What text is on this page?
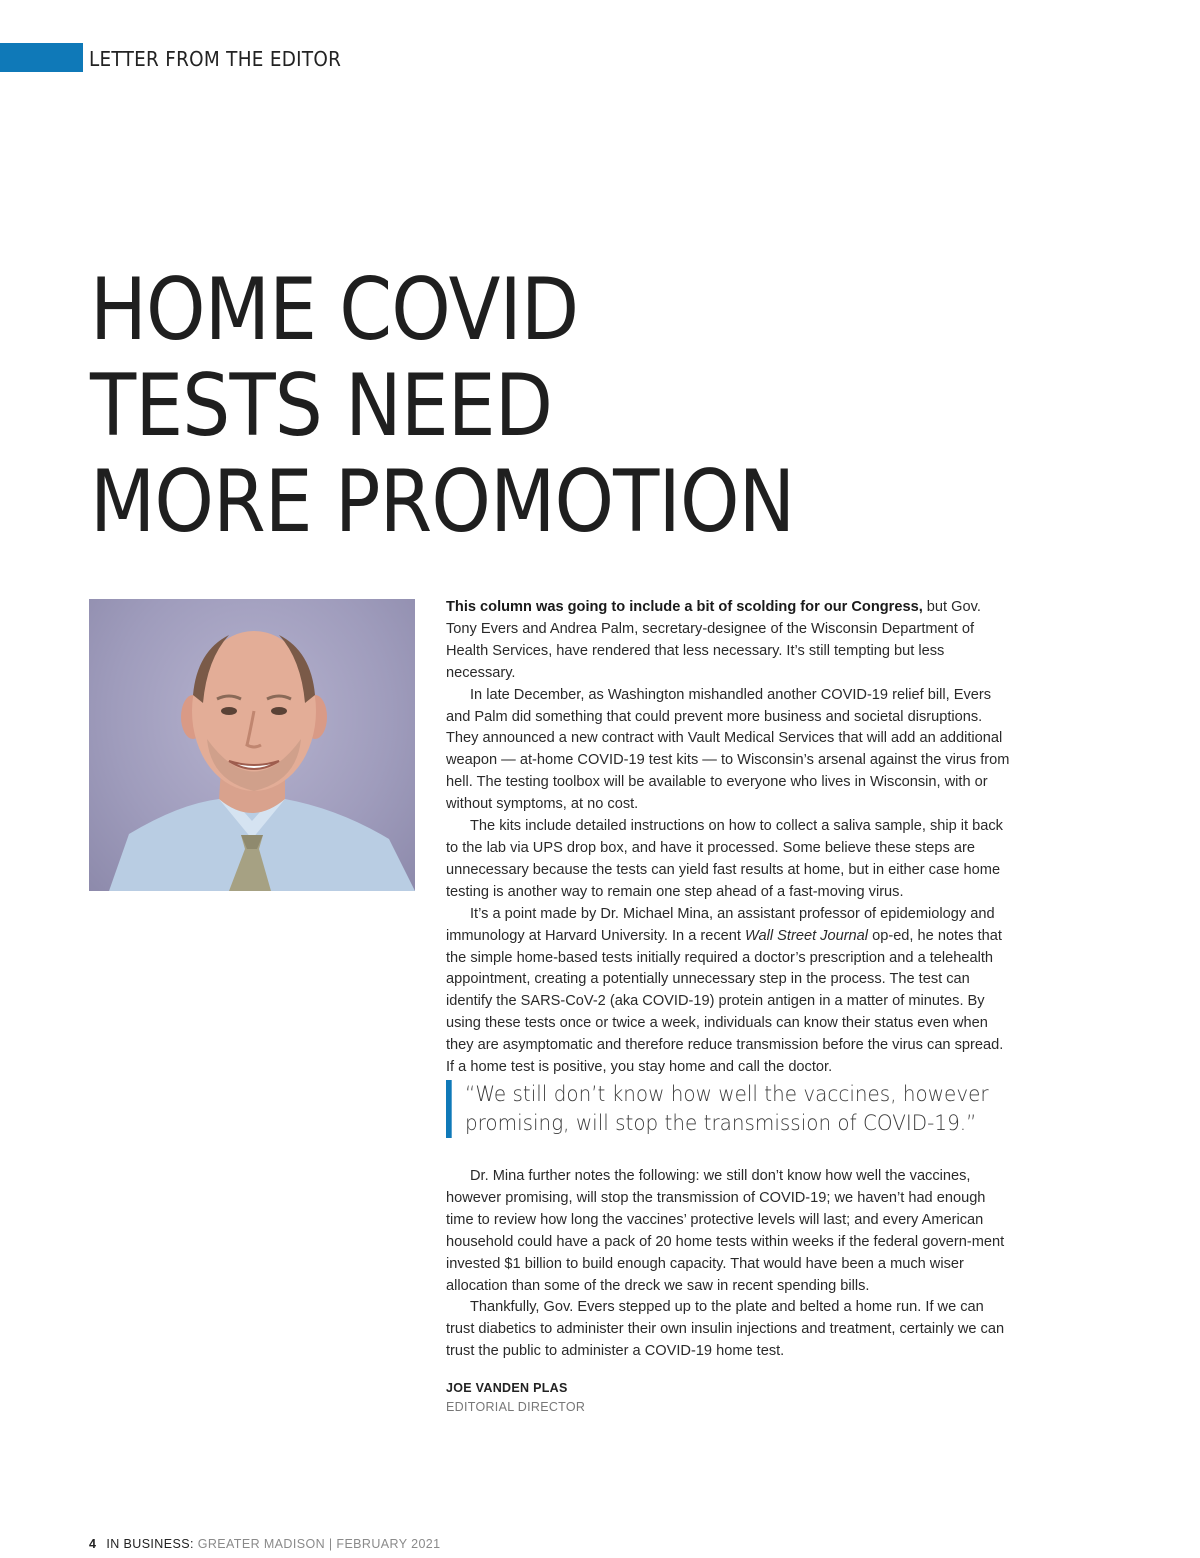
LETTER FROM THE EDITOR
HOME COVID
TESTS NEED
MORE PROMOTION

This column was going to include a bit of scolding for our Congress, but Gov. Tony Evers and Andrea Palm, secretary-designee of the Wisconsin Department of Health Services, have rendered that less necessary. It’s still tempting but less necessary.

In late December, as Washington mishandled another COVID-19 relief bill, Evers and Palm did something that could prevent more business and societal disruptions. They announced a new contract with Vault Medical Services that will add an additional weapon — at-home COVID-19 test kits — to Wisconsin’s arsenal against the virus from hell. The testing toolbox will be available to everyone who lives in Wisconsin, with or without symptoms, at no cost.

The kits include detailed instructions on how to collect a saliva sample, ship it back to the lab via UPS drop box, and have it processed. Some believe these steps are unnecessary because the tests can yield fast results at home, but in either case home testing is another way to remain one step ahead of a fast-moving virus.

It’s a point made by Dr. Michael Mina, an assistant professor of epidemiology and immunology at Harvard University. In a recent Wall Street Journal op-ed, he notes that the simple home-based tests initially required a doctor’s prescription and a telehealth appointment, creating a potentially unnecessary step in the process. The test can identify the SARS-CoV-2 (aka COVID-19) protein antigen in a matter of minutes. By using these tests once or twice a week, individuals can know their status even when they are asymptomatic and therefore reduce transmission before the virus can spread. If a home test is positive, you stay home and call the doctor.

“We still don’t know how well the vaccines, however promising, will stop the transmission of COVID-19.”

Dr. Mina further notes the following: we still don’t know how well the vaccines, however promising, will stop the transmission of COVID-19; we haven’t had enough time to review how long the vaccines’ protective levels will last; and every American household could have a pack of 20 home tests within weeks if the federal govern-ment invested $1 billion to build enough capacity. That would have been a much wiser allocation than some of the dreck we saw in recent spending bills.

Thankfully, Gov. Evers stepped up to the plate and belted a home run. If we can trust diabetics to administer their own insulin injections and treatment, certainly we can trust the public to administer a COVID-19 home test.

JOE VANDEN PLAS
EDITORIAL DIRECTOR
4 IN BUSINESS: GREATER MADISON | FEBRUARY 2021
